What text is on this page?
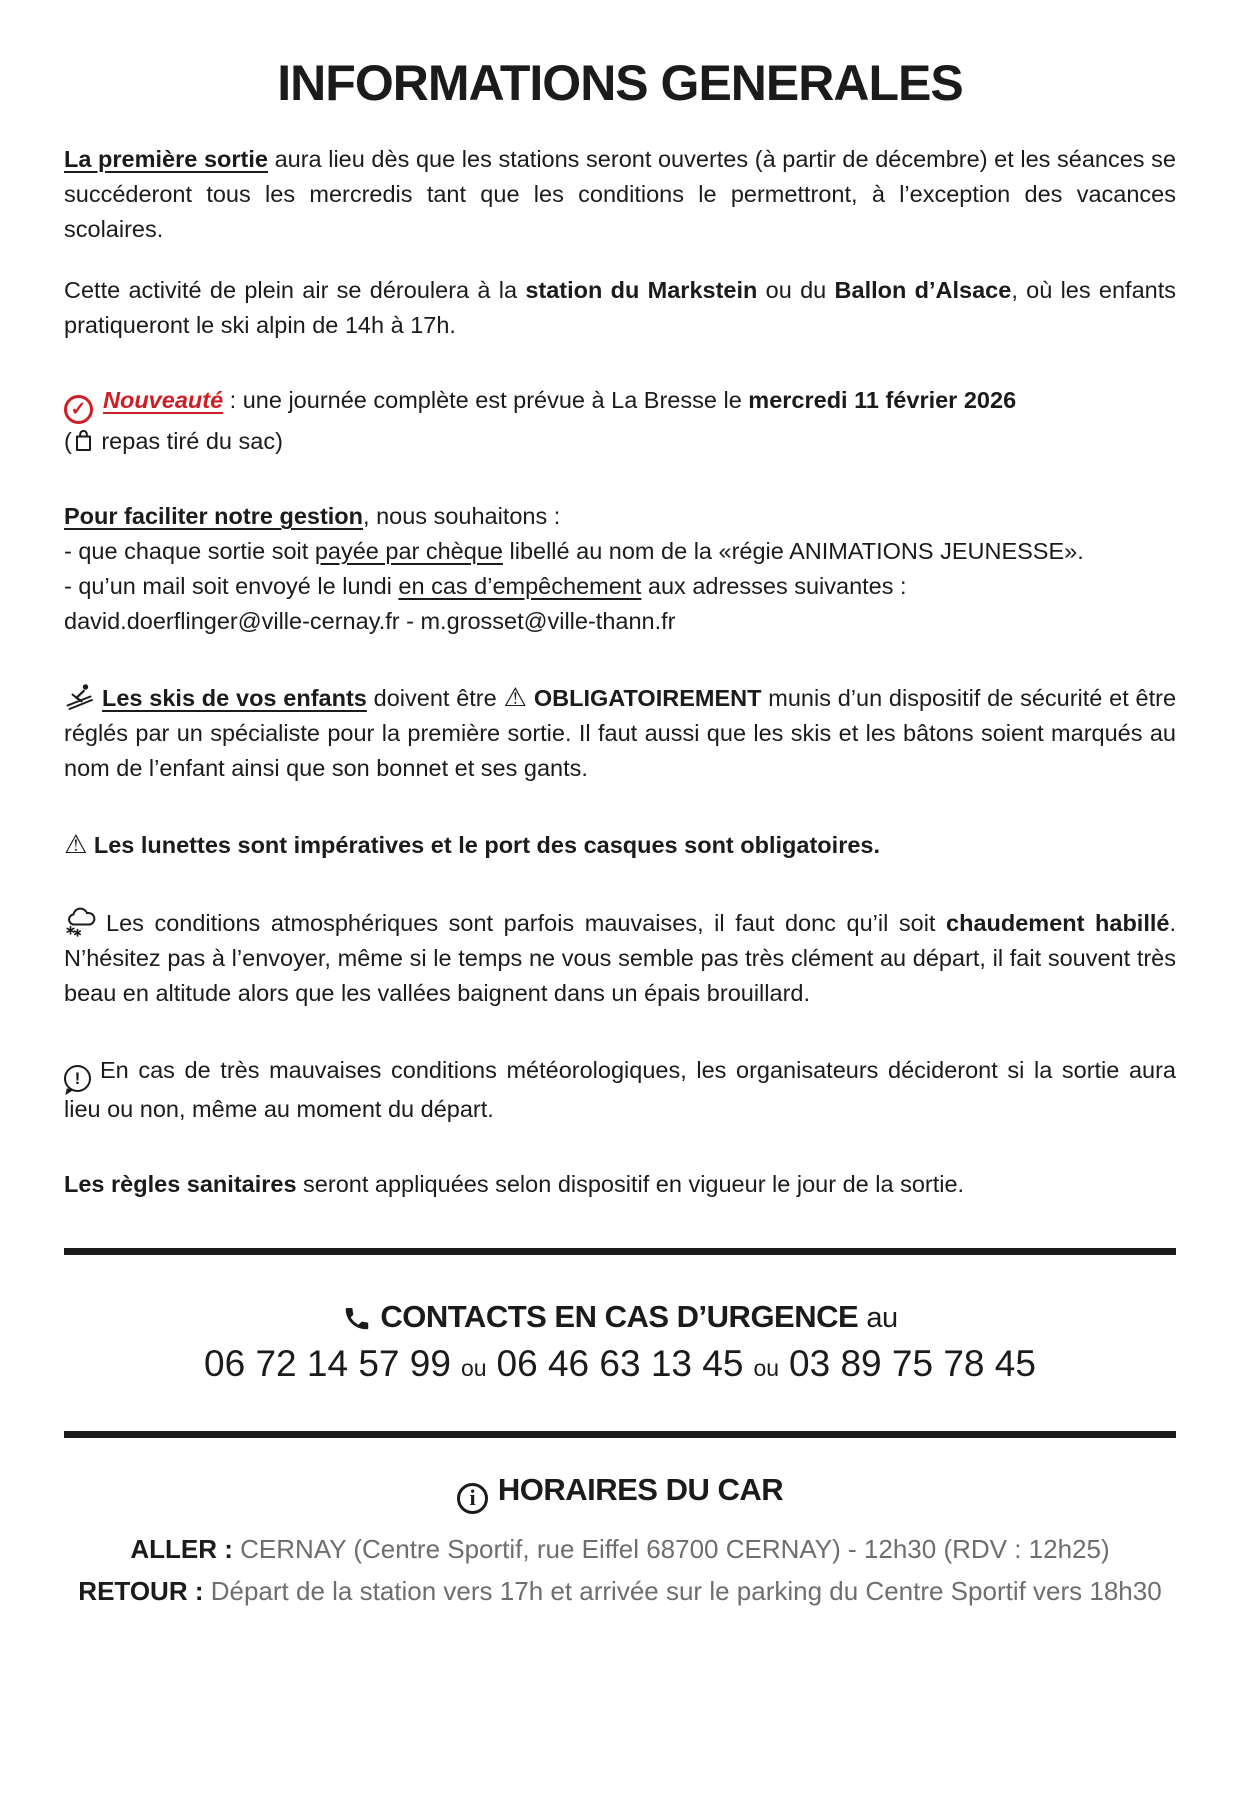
INFORMATIONS GENERALES

La première sortie aura lieu dès que les stations seront ouvertes (à partir de décembre) et les séances se succéderont tous les mercredis tant que les conditions le permettront, à l’exception des vacances scolaires.

Cette activité de plein air se déroulera à la station du Markstein ou du Ballon d’Alsace, où les enfants pratiqueront le ski alpin de 14h à 17h.

✓ Nouveauté : une journée complète est prévue à La Bresse le mercredi 11 février 2026
( repas tiré du sac)

Pour faciliter notre gestion, nous souhaitons :
- que chaque sortie soit payée par chèque libellé au nom de la «régie ANIMATIONS JEUNESSE».
- qu’un mail soit envoyé le lundi en cas d’empêchement aux adresses suivantes :
david.doerflinger@ville-cernay.fr - m.grosset@ville-thann.fr

Les skis de vos enfants doivent être ⚠ OBLIGATOIREMENT munis d’un dispositif de sécurité et être réglés par un spécialiste pour la première sortie. Il faut aussi que les skis et les bâtons soient marqués au nom de l’enfant ainsi que son bonnet et ses gants.

⚠ Les lunettes sont impératives et le port des casques sont obligatoires.

Les conditions atmosphériques sont parfois mauvaises, il faut donc qu’il soit chaudement habillé. N’hésitez pas à l’envoyer, même si le temps ne vous semble pas très clément au départ, il fait souvent très beau en altitude alors que les vallées baignent dans un épais brouillard.

! En cas de très mauvaises conditions météorologiques, les organisateurs décideront si la sortie aura lieu ou non, même au moment du départ.

Les règles sanitaires seront appliquées selon dispositif en vigueur le jour de la sortie.

CONTACTS EN CAS D’URGENCE au
06 72 14 57 99 ou 06 46 63 13 45 ou 03 89 75 78 45
i HORAIRES DU CAR
ALLER : CERNAY (Centre Sportif, rue Eiffel 68700 CERNAY) - 12h30 (RDV : 12h25)
RETOUR : Départ de la station vers 17h et arrivée sur le parking du Centre Sportif vers 18h30
